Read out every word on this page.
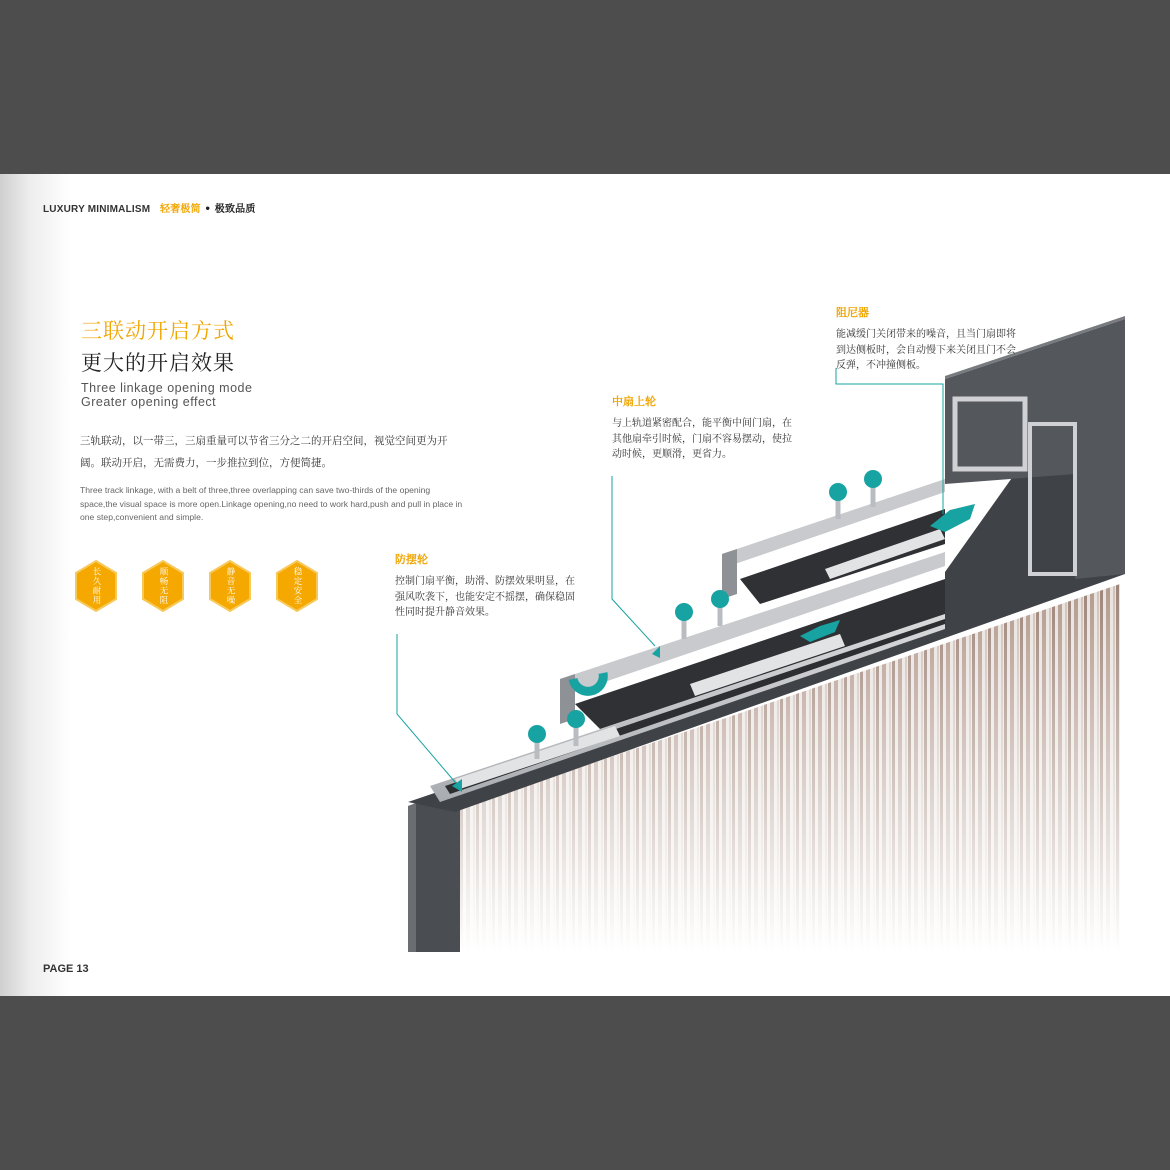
LUXURY MINIMALISM 轻奢极简 • 极致品质
三联动开启方式
更大的开启效果
Three linkage opening mode
Greater opening effect
三轨联动，以一带三，三扇重量可以节省三分之二的开启空间，视觉空间更为开阔。联动开启，无需费力，一步推拉到位，方便简捷。
Three track linkage, with a belt of three,three overlapping can save two-thirds of the opening space,the visual space is more open.Linkage opening,no need to work hard,push and pull in place in one step,convenient and simple.
长久耐用	顺畅无阻	静音无噪	稳定安全
阻尼器
能减缓门关闭带来的噪音，且当门扇即将到达侧板时，会自动慢下来关闭且门不会反弹，不冲撞侧板。
中扇上轮
与上轨道紧密配合，能平衡中间门扇，在其他扇牵引时候，门扇不容易摆动，使拉动时候，更顺滑，更省力。
防摆轮
控制门扇平衡，助滑、防摆效果明显，在强风吹袭下，也能安定不摇摆，确保稳固性同时提升静音效果。
PAGE 13
